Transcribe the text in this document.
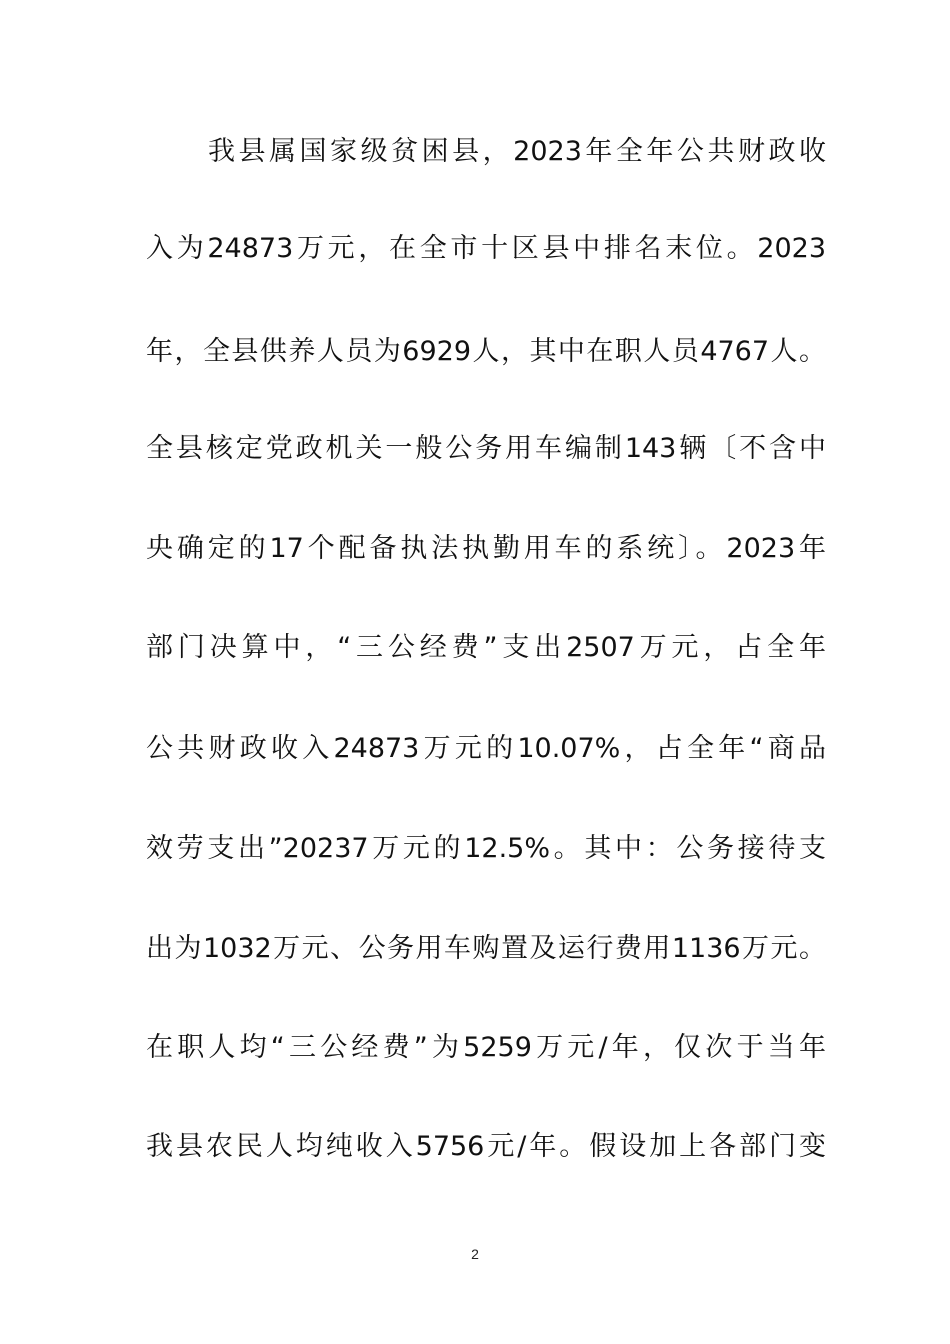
我县属国家级贫困县，2023年全年公共财政收

入为24873万元，在全市十区县中排名末位。2023

年，全县供养人员为6929人，其中在职人员4767人。

全县核定党政机关一般公务用车编制143辆〔不含中

央确定的17个配备执法执勤用车的系统〕。2023年

部门决算中，“三公经费”支出2507万元，占全年

公共财政收入24873万元的10.07%，占全年“商品

效劳支出”20237万元的12.5%。其中：公务接待支

出为1032万元、公务用车购置及运行费用1136万元。

在职人均“三公经费”为5259万元/年，仅次于当年

我县农民人均纯收入5756元/年。假设加上各部门变

2
